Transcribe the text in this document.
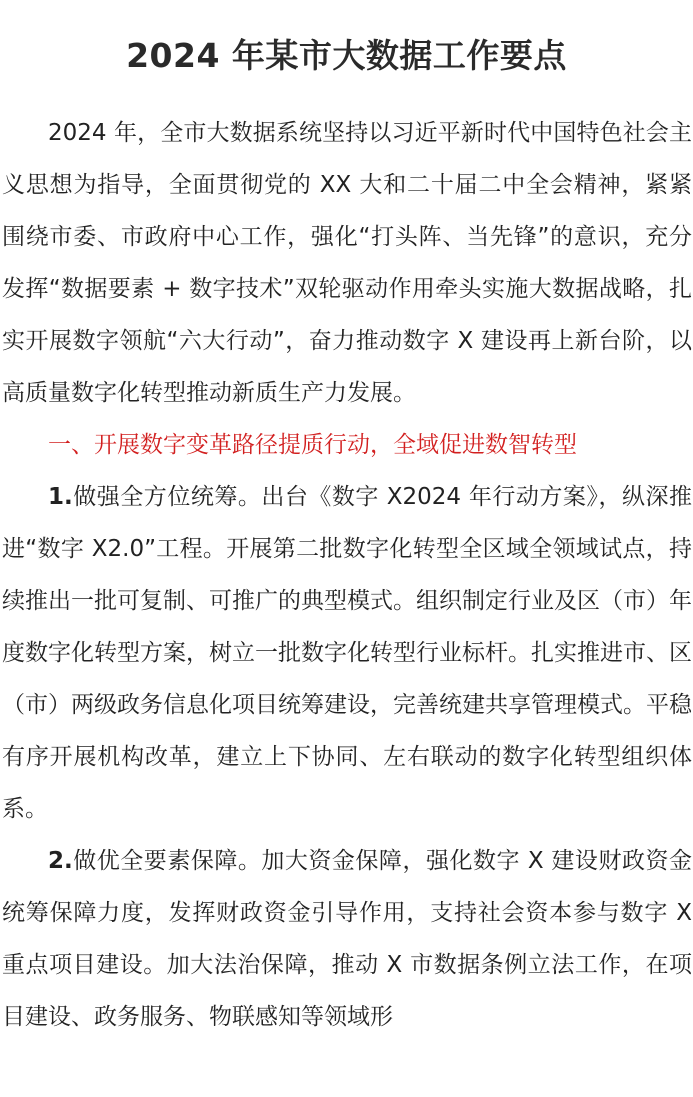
2024 年某市大数据工作要点

2024 年，全市大数据系统坚持以习近平新时代中国特色社会主义思想为指导，全面贯彻党的 XX 大和二十届二中全会精神，紧紧围绕市委、市政府中心工作，强化“打头阵、当先锋”的意识，充分发挥“数据要素 + 数字技术”双轮驱动作用牵头实施大数据战略，扎实开展数字领航“六大行动”，奋力推动数字 X 建设再上新台阶，以高质量数字化转型推动新质生产力发展。

一、开展数字变革路径提质行动，全域促进数智转型

1.做强全方位统筹。出台《数字 X2024 年行动方案》，纵深推进“数字 X2.0”工程。开展第二批数字化转型全区域全领域试点，持续推出一批可复制、可推广的典型模式。组织制定行业及区（市）年度数字化转型方案，树立一批数字化转型行业标杆。扎实推进市、区（市）两级政务信息化项目统筹建设，完善统建共享管理模式。平稳有序开展机构改革，建立上下协同、左右联动的数字化转型组织体系。

2.做优全要素保障。加大资金保障，强化数字 X 建设财政资金统筹保障力度，发挥财政资金引导作用，支持社会资本参与数字 X 重点项目建设。加大法治保障，推动 X 市数据条例立法工作，在项目建设、政务服务、物联感知等领域形
